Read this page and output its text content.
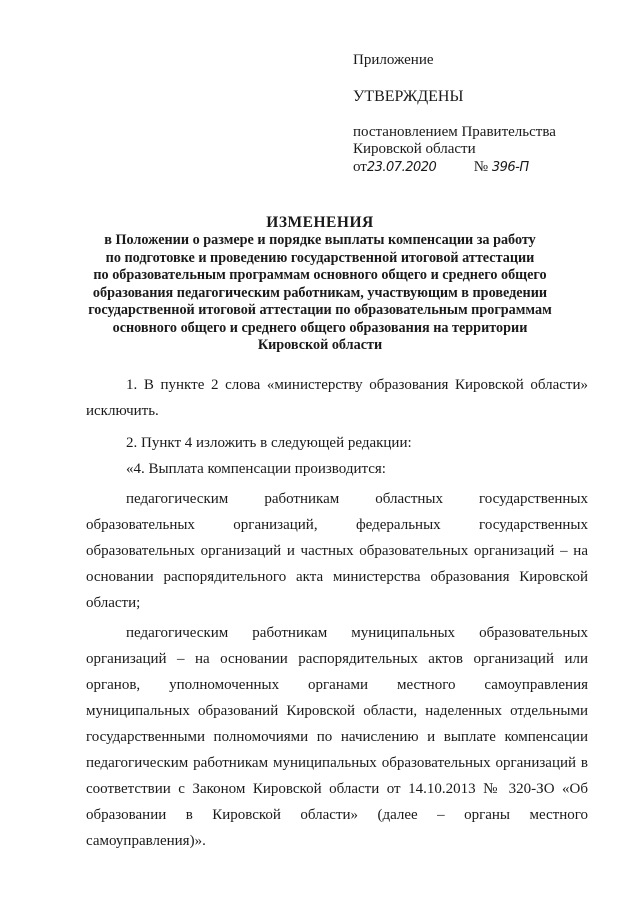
Приложение
УТВЕРЖДЕНЫ
постановлением Правительства
Кировской области
от23.07.2020	№ 396-П
ИЗМЕНЕНИЯ
в Положении о размере и порядке выплаты компенсации за работу
по подготовке и проведению государственной итоговой аттестации
по образовательным программам основного общего и среднего общего
образования педагогическим работникам, участвующим в проведении
государственной итоговой аттестации по образовательным программам
основного общего и среднего общего образования на территории
Кировской области

1. В пункте 2 слова «министерству образования Кировской области»

исключить.

2. Пункт 4 изложить в следующей редакции:

«4. Выплата компенсации производится:

педагогическим работникам областных государственных образовательных организаций, федеральных государственных образовательных организаций и частных образовательных организаций – на основании распорядительного акта министерства образования Кировской области;

педагогическим работникам муниципальных образовательных организаций – на основании распорядительных актов организаций или органов, уполномоченных органами местного самоуправления муниципальных образований Кировской области, наделенных отдельными государственными полномочиями по начислению и выплате компенсации педагогическим работникам муниципальных образовательных организаций в соответствии с Законом Кировской области от 14.10.2013 № 320-ЗО «Об образовании в Кировской области» (далее – органы местного самоуправления)».
